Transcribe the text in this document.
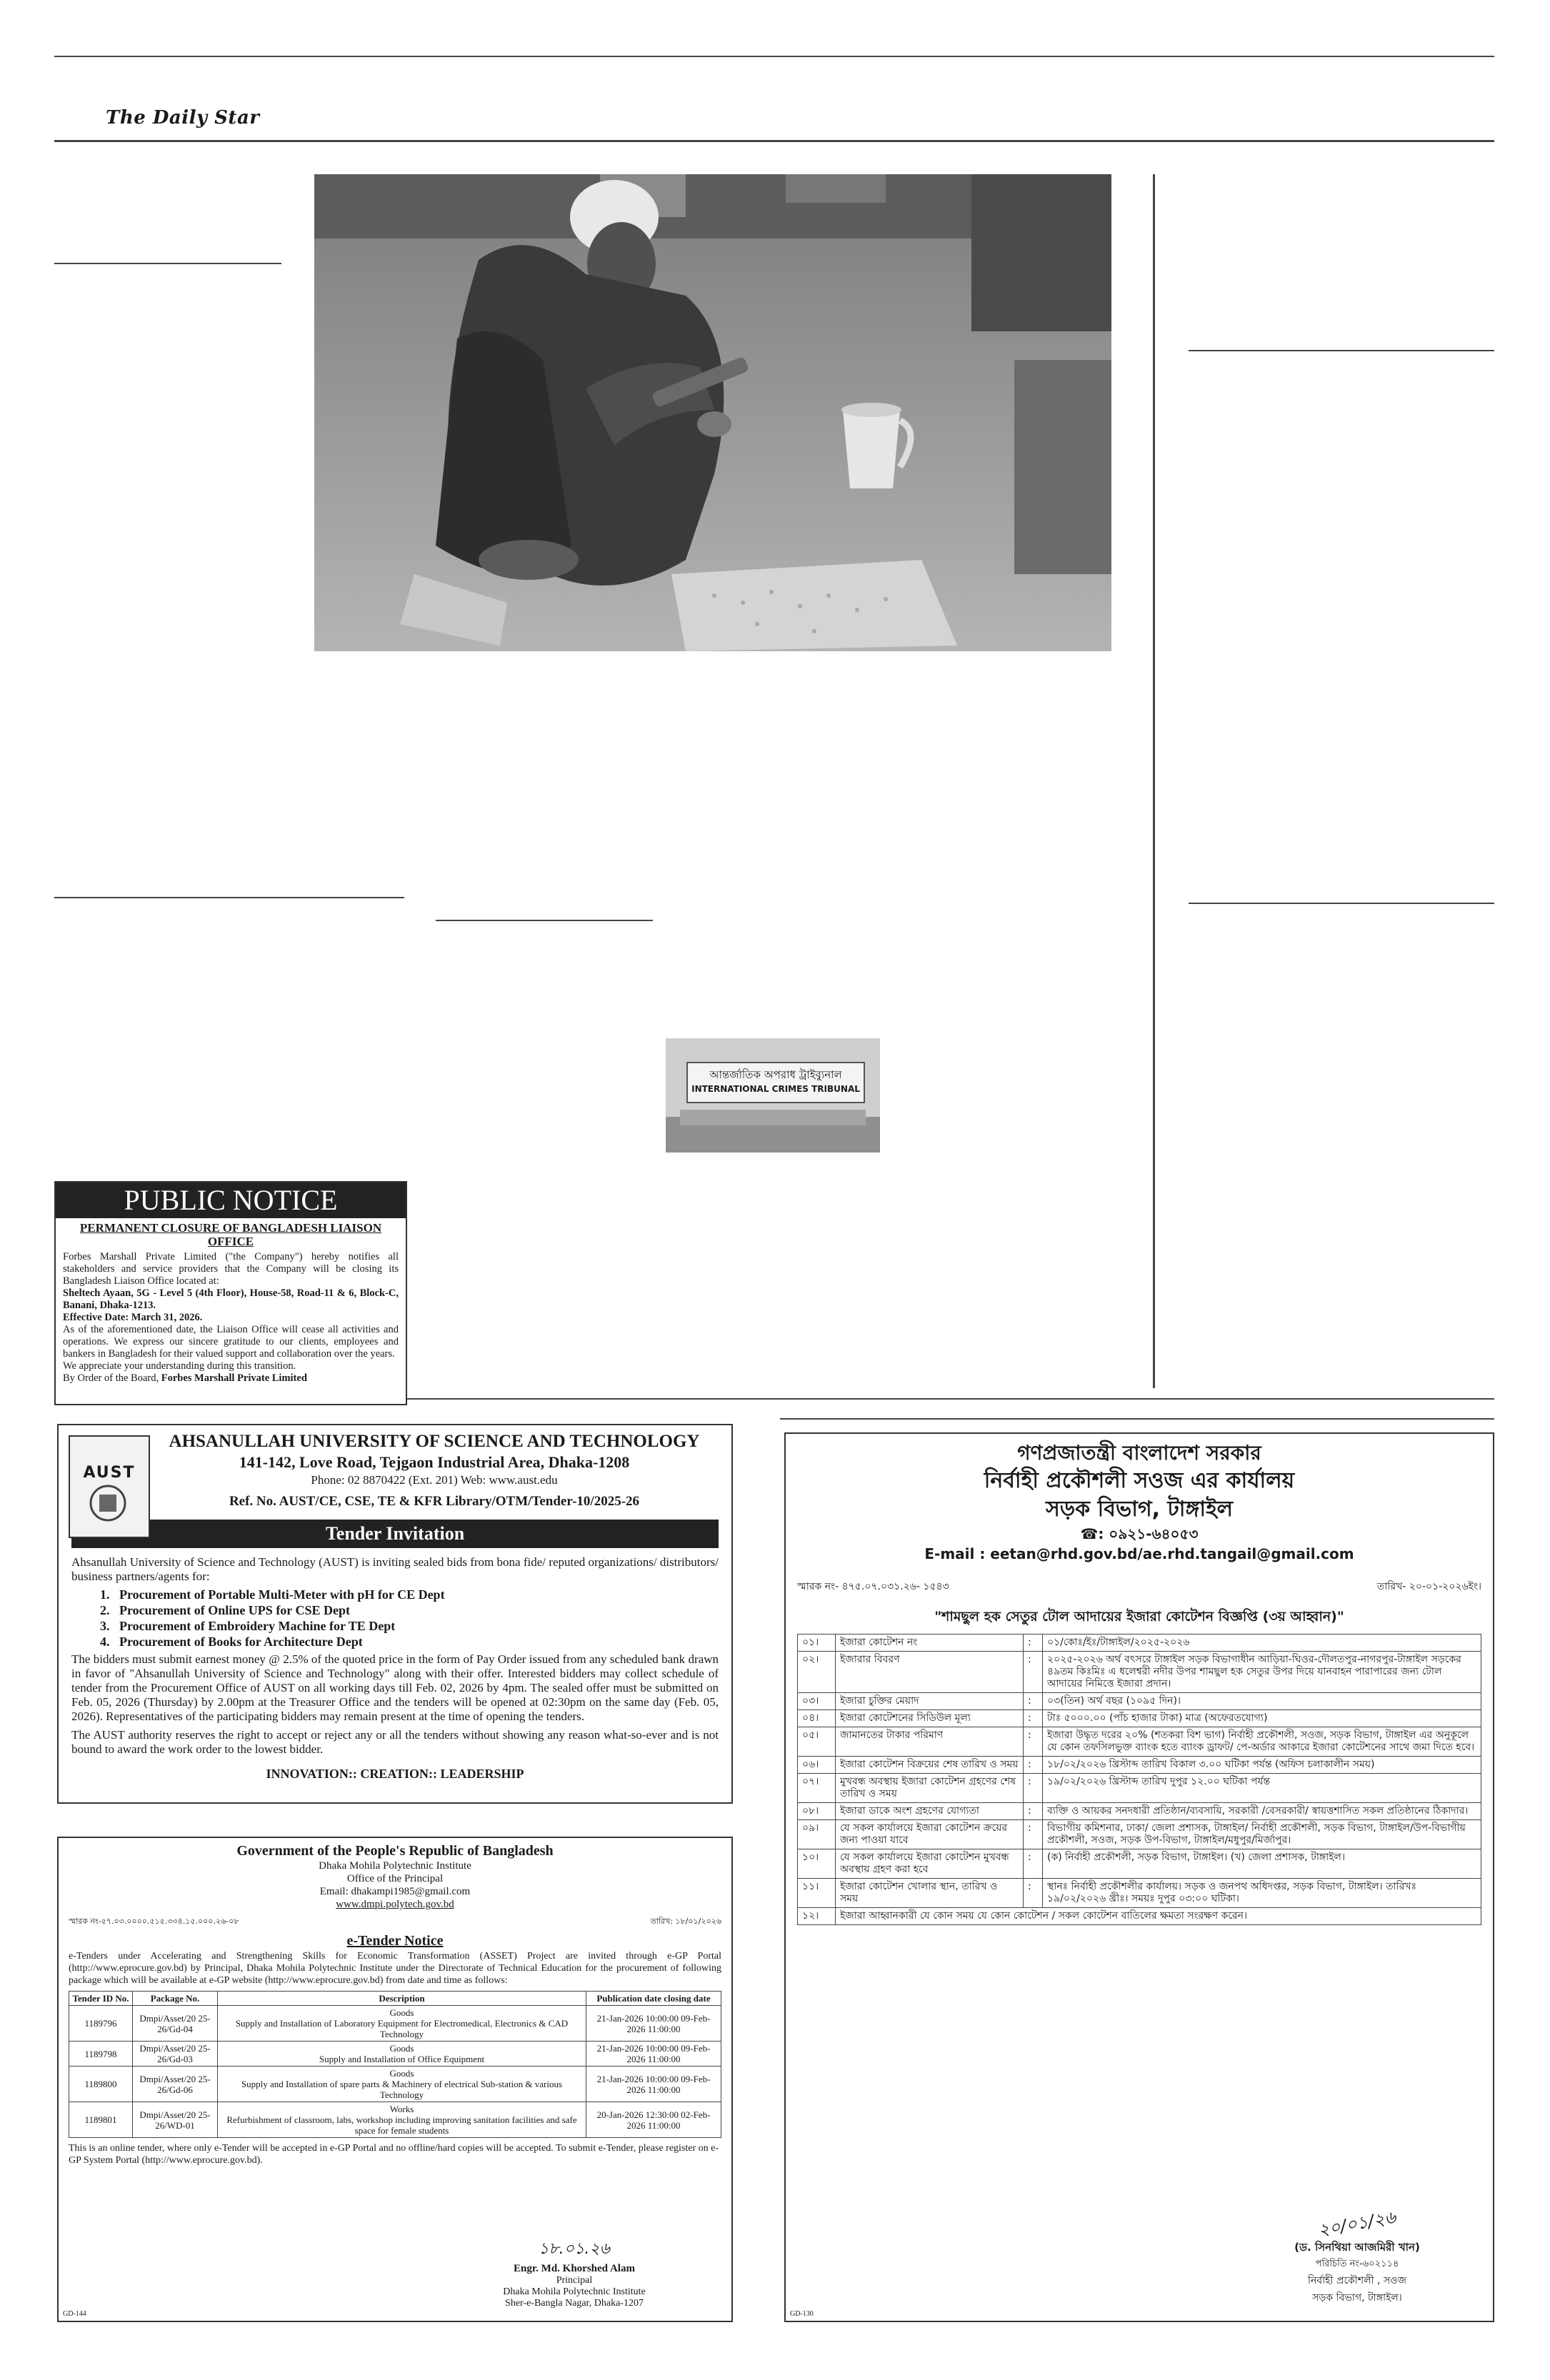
The Daily Star
আন্তর্জাতিক অপরাধ ট্রাইব্যুনাল
INTERNATIONAL CRIMES TRIBUNAL
PUBLIC NOTICE
PERMANENT CLOSURE OF BANGLADESH LIAISON OFFICE
Forbes Marshall Private Limited ("the Company") hereby notifies all stakeholders and service providers that the Company will be closing its Bangladesh Liaison Office located at:
Sheltech Ayaan, 5G - Level 5 (4th Floor), House-58, Road-11 & 6, Block-C, Banani, Dhaka-1213.
Effective Date: March 31, 2026.
As of the aforementioned date, the Liaison Office will cease all activities and operations. We express our sincere gratitude to our clients, employees and bankers in Bangladesh for their valued support and collaboration over the years.
We appreciate your understanding during this transition.
By Order of the Board, Forbes Marshall Private Limited
AUST
AHSANULLAH UNIVERSITY OF SCIENCE AND TECHNOLOGY
141-142, Love Road, Tejgaon Industrial Area, Dhaka-1208
Phone: 02 8870422 (Ext. 201) Web: www.aust.edu
Ref. No. AUST/CE, CSE, TE & KFR Library/OTM/Tender-10/2025-26
Tender Invitation
Ahsanullah University of Science and Technology (AUST) is inviting sealed bids from bona fide/ reputed organizations/ distributors/ business partners/agents for:
1.   Procurement of Portable Multi-Meter with pH for CE Dept
2.   Procurement of Online UPS for CSE Dept
3.   Procurement of Embroidery Machine for TE Dept
4.   Procurement of Books for Architecture Dept
The bidders must submit earnest money @ 2.5% of the quoted price in the form of Pay Order issued from any scheduled bank drawn in favor of "Ahsanullah University of Science and Technology" along with their offer. Interested bidders may collect schedule of tender from the Procurement Office of AUST on all working days till Feb. 02, 2026 by 4pm. The sealed offer must be submitted on Feb. 05, 2026 (Thursday) by 2.00pm at the Treasurer Office and the tenders will be opened at 02:30pm on the same day (Feb. 05, 2026). Representatives of the participating bidders may remain present at the time of opening the tenders.
The AUST authority reserves the right to accept or reject any or all the tenders without showing any reason what-so-ever and is not bound to award the work order to the lowest bidder.
INNOVATION:: CREATION:: LEADERSHIP
Government of the People's Republic of Bangladesh
Dhaka Mohila Polytechnic Institute
Office of the Principal
Email: dhakampi1985@gmail.com
www.dmpi.polytech.gov.bd
স্মারক নং-৫৭.০৩.০০০০.৫১৫.৩৩৪.১৫.০০০.২৬-০৮	তারিখ: ১৮/০১/২০২৬
e-Tender Notice
e-Tenders under Accelerating and Strengthening Skills for Economic Transformation (ASSET) Project are invited through e-GP Portal (http://www.eprocure.gov.bd) by Principal, Dhaka Mohila Polytechnic Institute under the Directorate of Technical Education for the procurement of following package which will be available at e-GP website (http://www.eprocure.gov.bd) from date and time as follows:
Tender ID No.	Package No.	Description	Publication date closing date
1189796	Dmpi/Asset/20 25-26/Gd-04	Goods
Supply and Installation of Laboratory Equipment for Electromedical, Electronics & CAD Technology	21-Jan-2026 10:00:00 09-Feb-2026 11:00:00
1189798	Dmpi/Asset/20 25-26/Gd-03	Goods
Supply and Installation of Office Equipment	21-Jan-2026 10:00:00 09-Feb-2026 11:00:00
1189800	Dmpi/Asset/20 25-26/Gd-06	Goods
Supply and Installation of spare parts & Machinery of electrical Sub-station & various Technology	21-Jan-2026 10:00:00 09-Feb-2026 11:00:00
1189801	Dmpi/Asset/20 25-26/WD-01	Works
Refurbishment of classroom, labs, workshop including improving sanitation facilities and safe space for female students	20-Jan-2026 12:30:00 02-Feb-2026 11:00:00
This is an online tender, where only e-Tender will be accepted in e-GP Portal and no offline/hard copies will be accepted. To submit e-Tender, please register on e-GP System Portal (http://www.eprocure.gov.bd).
১৮.০১.২৬
Engr. Md. Khorshed Alam
Principal
Dhaka Mohila Polytechnic Institute
Sher-e-Bangla Nagar, Dhaka-1207
GD-144
গণপ্রজাতন্ত্রী বাংলাদেশ সরকার
নির্বাহী প্রকৌশলী সওজ এর কার্যালয়
সড়ক বিভাগ, টাঙ্গাইল
☎: ০৯২১-৬৪০৫৩
E-mail : eetan@rhd.gov.bd/ae.rhd.tangail@gmail.com
স্মারক নং- ৪৭৫.০৭.০৩১.২৬- ১৫৪৩	তারিখ- ২০-০১-২০২৬ইং।
"শামছুল হক সেতুর টোল আদায়ের ইজারা কোটেশন বিজ্ঞপ্তি (৩য় আহ্বান)"
০১।	ইজারা কোটেশন নং	:	০১/কোঃ/ইঃ/টাঙ্গাইল/২০২৫-২০২৬
০২।	ইজারার বিবরণ	:	২০২৫-২০২৬ অর্থ বৎসরে টাঙ্গাইল সড়ক বিভাগাধীন আড়িয়া-ঘিওর-দৌলতপুর-নাগরপুর-টাঙ্গাইল সড়কের ৪৯তম কিঃমিঃ এ ধলেশ্বরী নদীর উপর শামছুল হক সেতুর উপর দিয়ে যানবাহন পারাপারের জন্য টোল আদায়ের নিমিত্তে ইজারা প্রদান।
০৩।	ইজারা চুক্তির মেয়াদ	:	০৩(তিন) অর্থ বছর (১০৯৫ দিন)।
০৪।	ইজারা কোটেশনের সিডিউল মূল্য	:	টাঃ ৫০০০.০০ (পাঁচ হাজার টাকা) মাত্র (অফেরতযোগ্য)
০৫।	জামানতের টাকার পরিমাণ	:	ইজারা উদ্ধৃত দরের ২০% (শতকরা বিশ ভাগ) নির্বাহী প্রকৌশলী, সওজ, সড়ক বিভাগ, টাঙ্গাইল এর অনুকূলে যে কোন তফসিলভুক্ত ব্যাংক হতে ব্যাংক ড্রাফট/ পে-অর্ডার আকারে ইজারা কোটেশনের সাথে জমা দিতে হবে।
০৬।	ইজারা কোটেশন বিক্রয়ের শেষ তারিখ ও সময়	:	১৮/০২/২০২৬ খ্রিস্টাব্দ তারিখ বিকাল ৩.০০ ঘটিকা পর্যন্ত (অফিস চলাকালীন সময়)
০৭।	মুখবন্ধ অবস্থায় ইজারা কোটেশন গ্রহণের শেষ তারিখ ও সময়	:	১৯/০২/২০২৬ খ্রিস্টাব্দ তারিখ দুপুর ১২.০০ ঘটিকা পর্যন্ত
০৮।	ইজারা ডাকে অংশ গ্রহণের যোগ্যতা	:	ব্যক্তি ও আয়কর সনদধারী প্রতিষ্ঠান/ব্যবসায়ি, সরকারী /বেসরকারী/ স্বায়ত্তশাসিত সকল প্রতিষ্ঠানের ঠিকাদার।
০৯।	যে সকল কার্যালয়ে ইজারা কোটেশন ক্রয়ের জন্য পাওয়া যাবে	:	বিভাগীয় কমিশনার, ঢাকা/ জেলা প্রশাসক, টাঙ্গাইল/ নির্বাহী প্রকৌশলী, সড়ক বিভাগ, টাঙ্গাইল/উপ-বিভাগীয় প্রকৌশলী, সওজ, সড়ক উপ-বিভাগ, টাঙ্গাইল/মধুপুর/মির্জাপুর।
১০।	যে সকল কার্যালয়ে ইজারা কোটেশন মুখবন্ধ অবস্থায় গ্রহণ করা হবে	:	(ক) নির্বাহী প্রকৌশলী, সড়ক বিভাগ, টাঙ্গাইল। (খ) জেলা প্রশাসক, টাঙ্গাইল।
১১।	ইজারা কোটেশন খোলার স্থান, তারিখ ও সময়	:	স্থানঃ নির্বাহী প্রকৌশলীর কার্যালয়। সড়ক ও জনপথ অধিদপ্তর, সড়ক বিভাগ, টাঙ্গাইল। তারিখঃ ১৯/০২/২০২৬ খ্রীঃ। সময়ঃ দুপুর ০৩:০০ ঘটিকা।
১২।	ইজারা আহ্বানকারী যে কোন সময় যে কোন কোটেশন / সকল কোটেশন বাতিলের ক্ষমতা সংরক্ষণ করেন।		
২০/০১/২৬
(ড. সিনথিয়া আজমিরী খান)
পরিচিতি নং-৬০২১১৪
নির্বাহী প্রকৌশলী , সওজ
সড়ক বিভাগ, টাঙ্গাইল।
GD-130
